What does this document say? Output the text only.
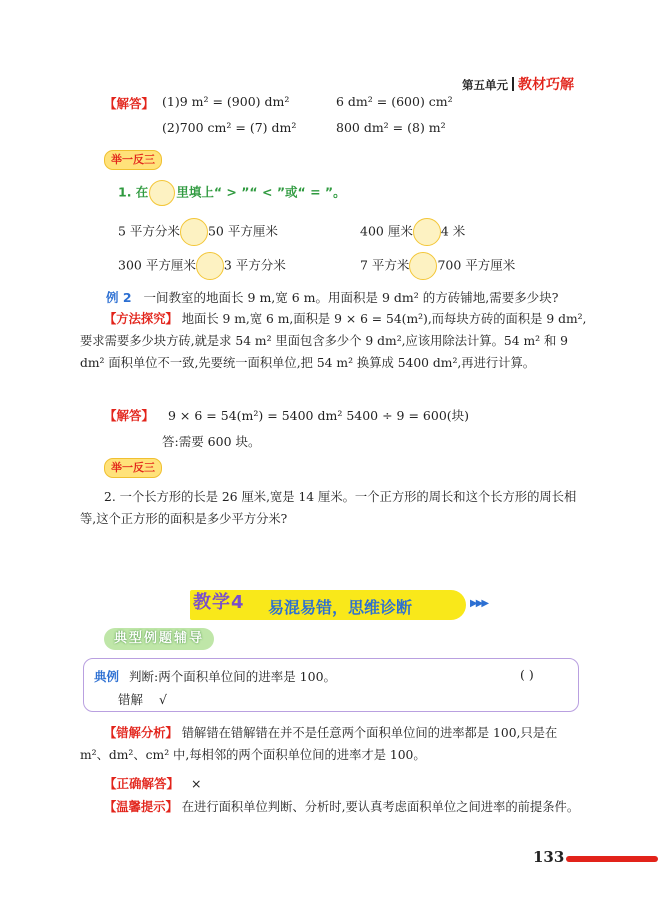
第五单元 教材巧解
【解答】 (1)9 m² = (900) dm²	6 dm² = (600) cm²
(2)700 cm² = (7) dm²	800 dm² = (8) m²
举一反三
1. 在 里填上“ > ”“ < ”或“ = ”。
5 平方分米 50 平方厘米	400 厘米 4 米
300 平方厘米 3 平方分米	7 平方米 700 平方厘米
例 2 一间教室的地面长 9 m,宽 6 m。用面积是 9 dm² 的方砖铺地,需要多少块?
【方法探究】 地面长 9 m,宽 6 m,面积是 9 × 6 = 54(m²),而每块方砖的面积是 9 dm²,要求需要多少块方砖,就是求 54 m² 里面包含多少个 9 dm²,应该用除法计算。54 m² 和 9 dm² 面积单位不一致,先要统一面积单位,把 54 m² 换算成 5400 dm²,再进行计算。
【解答】 9 × 6 = 54(m²) = 5400 dm² 5400 ÷ 9 = 600(块)
答:需要 600 块。
举一反三
2. 一个长方形的长是 26 厘米,宽是 14 厘米。一个正方形的周长和这个长方形的周长相等,这个正方形的面积是多少平方分米?
教学4 易混易错，思维诊断	▶▶▶
典型例题辅导
典例 判断:两个面积单位间的进率是 100。	( )
错解 √
【错解分析】 错解错在错解错在并不是任意两个面积单位间的进率都是 100,只是在 m²、dm²、cm² 中,每相邻的两个面积单位间的进率才是 100。
【正确解答】 ×
【温馨提示】 在进行面积单位判断、分析时,要认真考虑面积单位之间进率的前提条件。
133
